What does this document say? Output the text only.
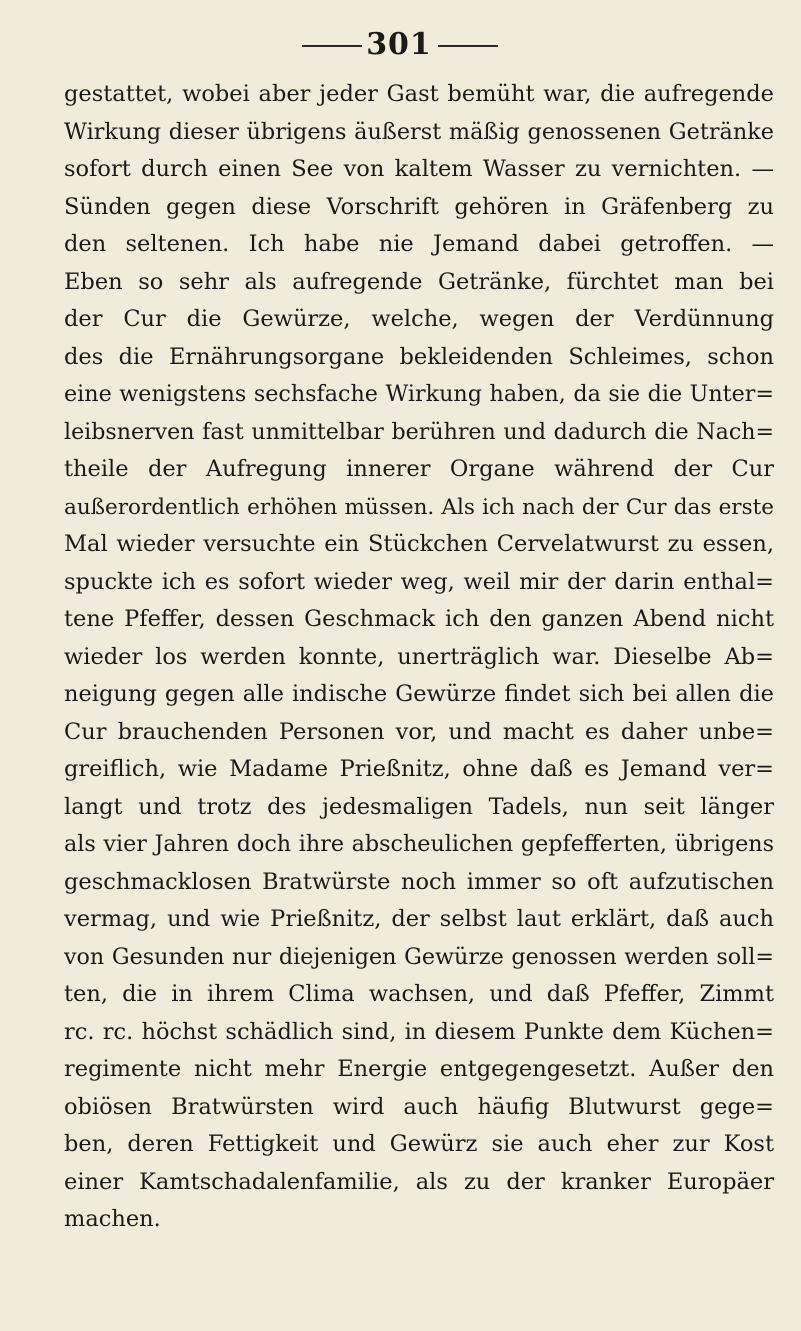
301
gestattet, wobei aber jeder Gast bemüht war, die aufregende
Wirkung dieser übrigens äußerst mäßig genossenen Getränke
sofort durch einen See von kaltem Wasser zu vernichten. —
Sünden gegen diese Vorschrift gehören in Gräfenberg zu
den seltenen. Ich habe nie Jemand dabei getroffen. —
Eben so sehr als aufregende Getränke, fürchtet man bei
der Cur die Gewürze, welche, wegen der Verdünnung
des die Ernährungsorgane bekleidenden Schleimes, schon
eine wenigstens sechsfache Wirkung haben, da sie die Unter=
leibsnerven fast unmittelbar berühren und dadurch die Nach=
theile der Aufregung innerer Organe während der Cur
außerordentlich erhöhen müssen. Als ich nach der Cur das erste
Mal wieder versuchte ein Stückchen Cervelatwurst zu essen,
spuckte ich es sofort wieder weg, weil mir der darin enthal=
tene Pfeffer, dessen Geschmack ich den ganzen Abend nicht
wieder los werden konnte, unerträglich war. Dieselbe Ab=
neigung gegen alle indische Gewürze findet sich bei allen die
Cur brauchenden Personen vor, und macht es daher unbe=
greiflich, wie Madame Prießnitz, ohne daß es Jemand ver=
langt und trotz des jedesmaligen Tadels, nun seit länger
als vier Jahren doch ihre abscheulichen gepfefferten, übrigens
geschmacklosen Bratwürste noch immer so oft aufzutischen
vermag, und wie Prießnitz, der selbst laut erklärt, daß auch
von Gesunden nur diejenigen Gewürze genossen werden soll=
ten, die in ihrem Clima wachsen, und daß Pfeffer, Zimmt
rc. rc. höchst schädlich sind, in diesem Punkte dem Küchen=
regimente nicht mehr Energie entgegengesetzt. Außer den
obiösen Bratwürsten wird auch häufig Blutwurst gege=
ben, deren Fettigkeit und Gewürz sie auch eher zur Kost
einer Kamtschadalenfamilie, als zu der kranker Europäer
machen.
